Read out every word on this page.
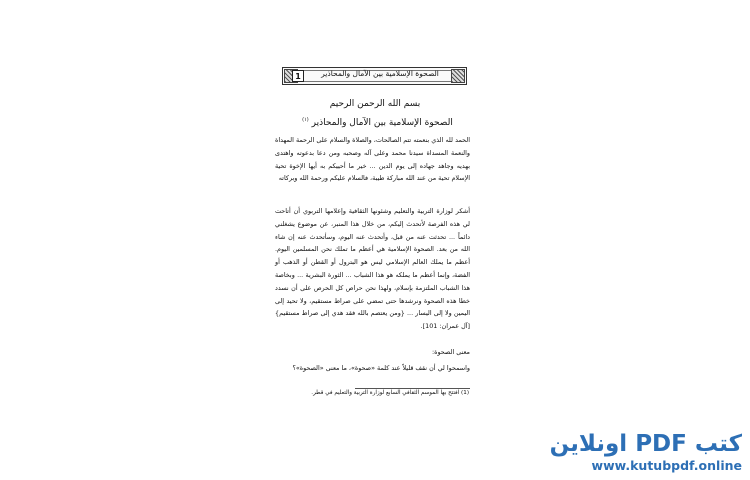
1	الصحوة الإسلامية بين الآمال والمحاذير
بسم الله الرحمن الرحيم
الصحوة الإسلامية بين الآمال والمحاذير $^{(١)}$
الحمد لله الذي بنعمته تتم الصالحات، والصلاة والسلام على الرحمة المهداة والنعمة المسداة سيدنا محمد وعلى آله وصحبه ومن دعا بدعوته واهتدى بهديه وجاهد جهاده إلى يوم الدين ... خير ما أحييكم به أيها الإخوة تحية الإسلام تحية من عند الله مباركة طيبة، فالسلام عليكم ورحمة الله وبركاته
أشكر لوزارة التربية والتعليم وشئونها الثقافية وإعلامها التربوي أن أتاحت لي هذه الفرصة لأتحدث إليكم، من خلال هذا المنبر، عن موضوع يشغلني دائماً ... تحدثت عنه من قبل، وأتحدث عنه اليوم، وسأتحدث عنه إن شاء الله من بعد. الصحوة الإسلامية هي أعظم ما تملك نحن المسلمين اليوم. أعظم ما يملك العالم الإسلامي ليس هو البترول أو القطن أو الذهب أو الفضة، وإنما أعظم ما يملكه هو هذا الشباب ... الثورة البشرية ... وبخاصة هذا الشباب الملتزمة بإسلام، ولهذا نحن حراص كل الحرص على أن نسدد خطا هذه الصحوة ونرشدها حتى تمضي على صراط مستقيم، ولا تحيد إلى اليمين ولا إلى اليسار ... {ومن يعتصم بالله فقد هدي إلى صراط مستقيم} [آل عمران: 101].
معنى الصحوة:
واسمحوا لي أن نقف قليلاً عند كلمة «صحوة»، ما معنى «الصحوة»؟
(1) افتتح بها الموسم الثقافي السابع لوزارة التربية والتعليم في قطر.
كتب PDF اونلاين
www.kutubpdf.online
